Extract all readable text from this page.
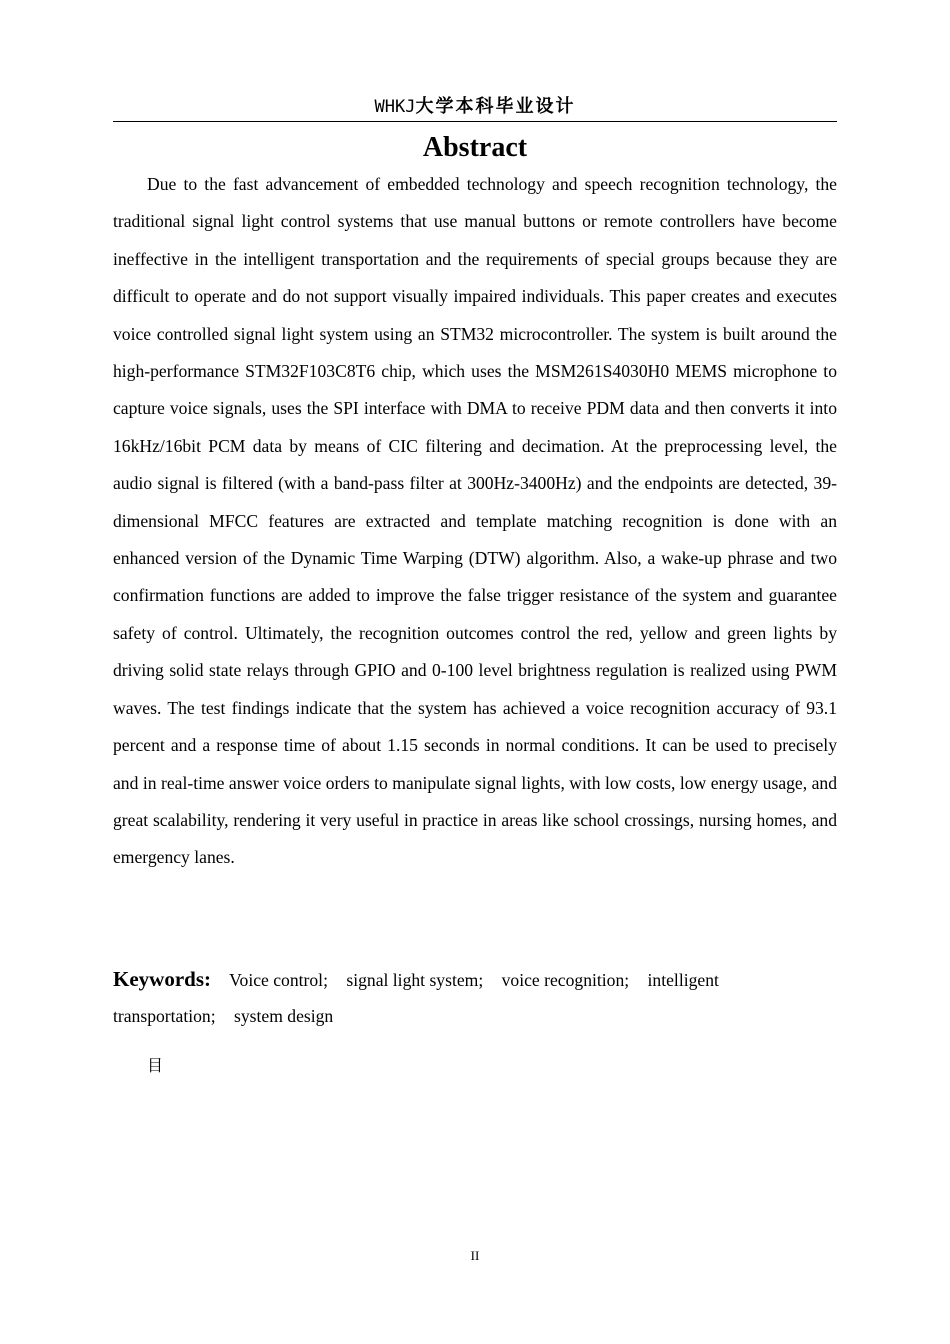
WHKJ大学本科毕业设计
Abstract

Due to the fast advancement of embedded technology and speech recognition technology, the traditional signal light control systems that use manual buttons or remote controllers have become ineffective in the intelligent transportation and the requirements of special groups because they are difficult to operate and do not support visually impaired individuals. This paper creates and executes voice controlled signal light system using an STM32 microcontroller. The system is built around the high-performance STM32F103C8T6 chip, which uses the MSM261S4030H0 MEMS microphone to capture voice signals, uses the SPI interface with DMA to receive PDM data and then converts it into 16kHz/16bit PCM data by means of CIC filtering and decimation. At the preprocessing level, the audio signal is filtered (with a band-pass filter at 300Hz-3400Hz) and the endpoints are detected, 39-dimensional MFCC features are extracted and template matching recognition is done with an enhanced version of the Dynamic Time Warping (DTW) algorithm. Also, a wake-up phrase and two confirmation functions are added to improve the false trigger resistance of the system and guarantee safety of control. Ultimately, the recognition outcomes control the red, yellow and green lights by driving solid state relays through GPIO and 0-100 level brightness regulation is realized using PWM waves. The test findings indicate that the system has achieved a voice recognition accuracy of 93.1 percent and a response time of about 1.15 seconds in normal conditions. It can be used to precisely and in real-time answer voice orders to manipulate signal lights, with low costs, low energy usage, and great scalability, rendering it very useful in practice in areas like school crossings, nursing homes, and emergency lanes.

Keywords: Voice control; signal light system; voice recognition; intelligent transportation; system design
目
II
